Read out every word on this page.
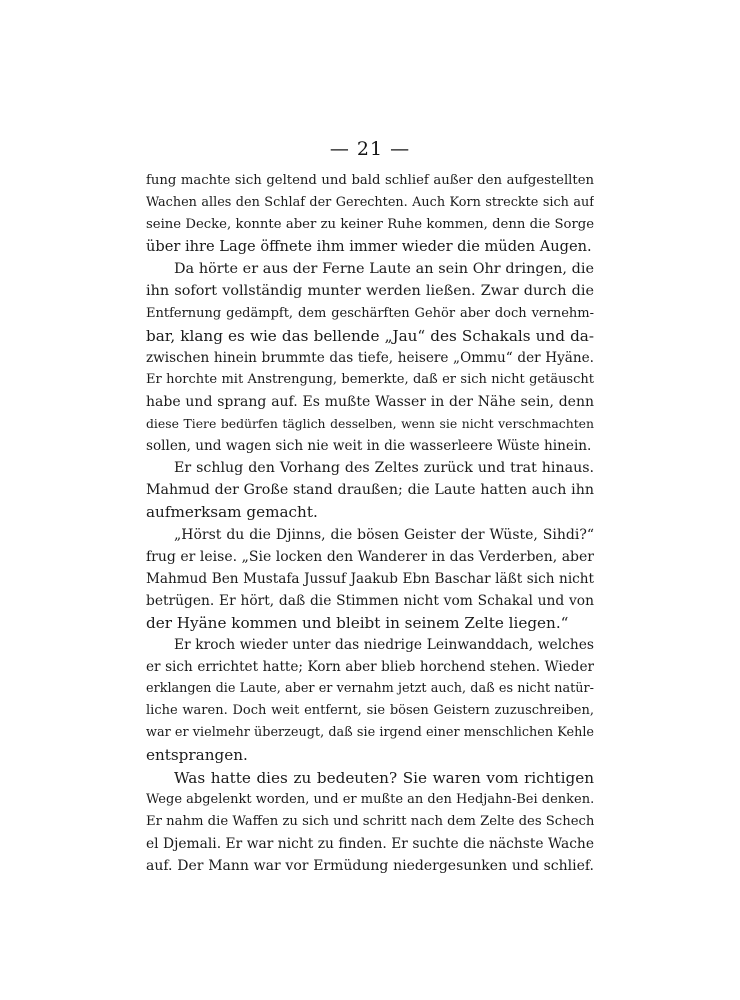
— 21 —
fung machte sich geltend und bald schlief außer den aufgestellten
Wachen alles den Schlaf der Gerechten. Auch Korn streckte sich auf
seine Decke, konnte aber zu keiner Ruhe kommen, denn die Sorge
über ihre Lage öffnete ihm immer wieder die müden Augen.
Da hörte er aus der Ferne Laute an sein Ohr dringen, die
ihn sofort vollständig munter werden ließen. Zwar durch die
Entfernung gedämpft, dem geschärften Gehör aber doch vernehm-
bar, klang es wie das bellende „Jau“ des Schakals und da-
zwischen hinein brummte das tiefe, heisere „Ommu“ der Hyäne.
Er horchte mit Anstrengung, bemerkte, daß er sich nicht getäuscht
habe und sprang auf. Es mußte Wasser in der Nähe sein, denn
diese Tiere bedürfen täglich desselben, wenn sie nicht verschmachten
sollen, und wagen sich nie weit in die wasserleere Wüste hinein.
Er schlug den Vorhang des Zeltes zurück und trat hinaus.
Mahmud der Große stand draußen; die Laute hatten auch ihn
aufmerksam gemacht.
„Hörst du die Djinns, die bösen Geister der Wüste, Sihdi?“
frug er leise. „Sie locken den Wanderer in das Verderben, aber
Mahmud Ben Mustafa Jussuf Jaakub Ebn Baschar läßt sich nicht
betrügen. Er hört, daß die Stimmen nicht vom Schakal und von
der Hyäne kommen und bleibt in seinem Zelte liegen.“
Er kroch wieder unter das niedrige Leinwanddach, welches
er sich errichtet hatte; Korn aber blieb horchend stehen. Wieder
erklangen die Laute, aber er vernahm jetzt auch, daß es nicht natür-
liche waren. Doch weit entfernt, sie bösen Geistern zuzuschreiben,
war er vielmehr überzeugt, daß sie irgend einer menschlichen Kehle
entsprangen.
Was hatte dies zu bedeuten? Sie waren vom richtigen
Wege abgelenkt worden, und er mußte an den Hedjahn-Bei denken.
Er nahm die Waffen zu sich und schritt nach dem Zelte des Schech
el Djemali. Er war nicht zu finden. Er suchte die nächste Wache
auf. Der Mann war vor Ermüdung niedergesunken und schlief.
